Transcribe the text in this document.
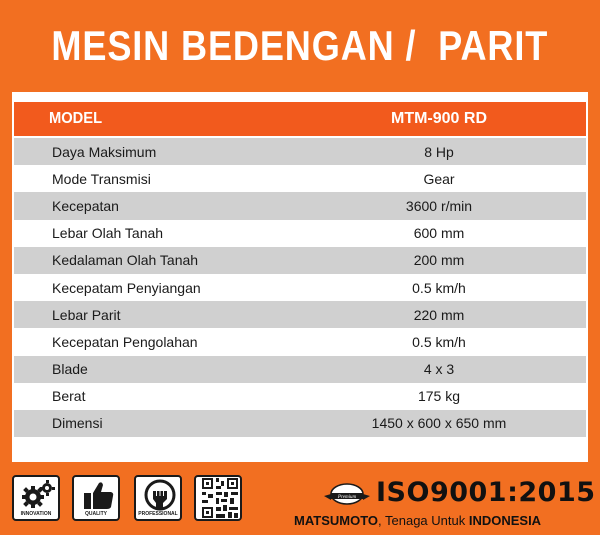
MESIN BEDENGAN /  PARIT
MODEL	MTM-900 RD
Daya Maksimum	8 Hp
Mode Transmisi	Gear
Kecepatan	3600 r/min
Lebar Olah Tanah	600 mm
Kedalaman Olah Tanah	200 mm
Kecepatam Penyiangan	0.5 km/h
Lebar Parit	220 mm
Kecepatan Pengolahan	0.5 km/h
Blade	4 x 3
Berat	175 kg
Dimensi	1450 x 600 x 650 mm
INNOVATION	QUALITY	PROFESSIONAL
Premium ISO9001:2015
MATSUMOTO, Tenaga Untuk INDONESIA
